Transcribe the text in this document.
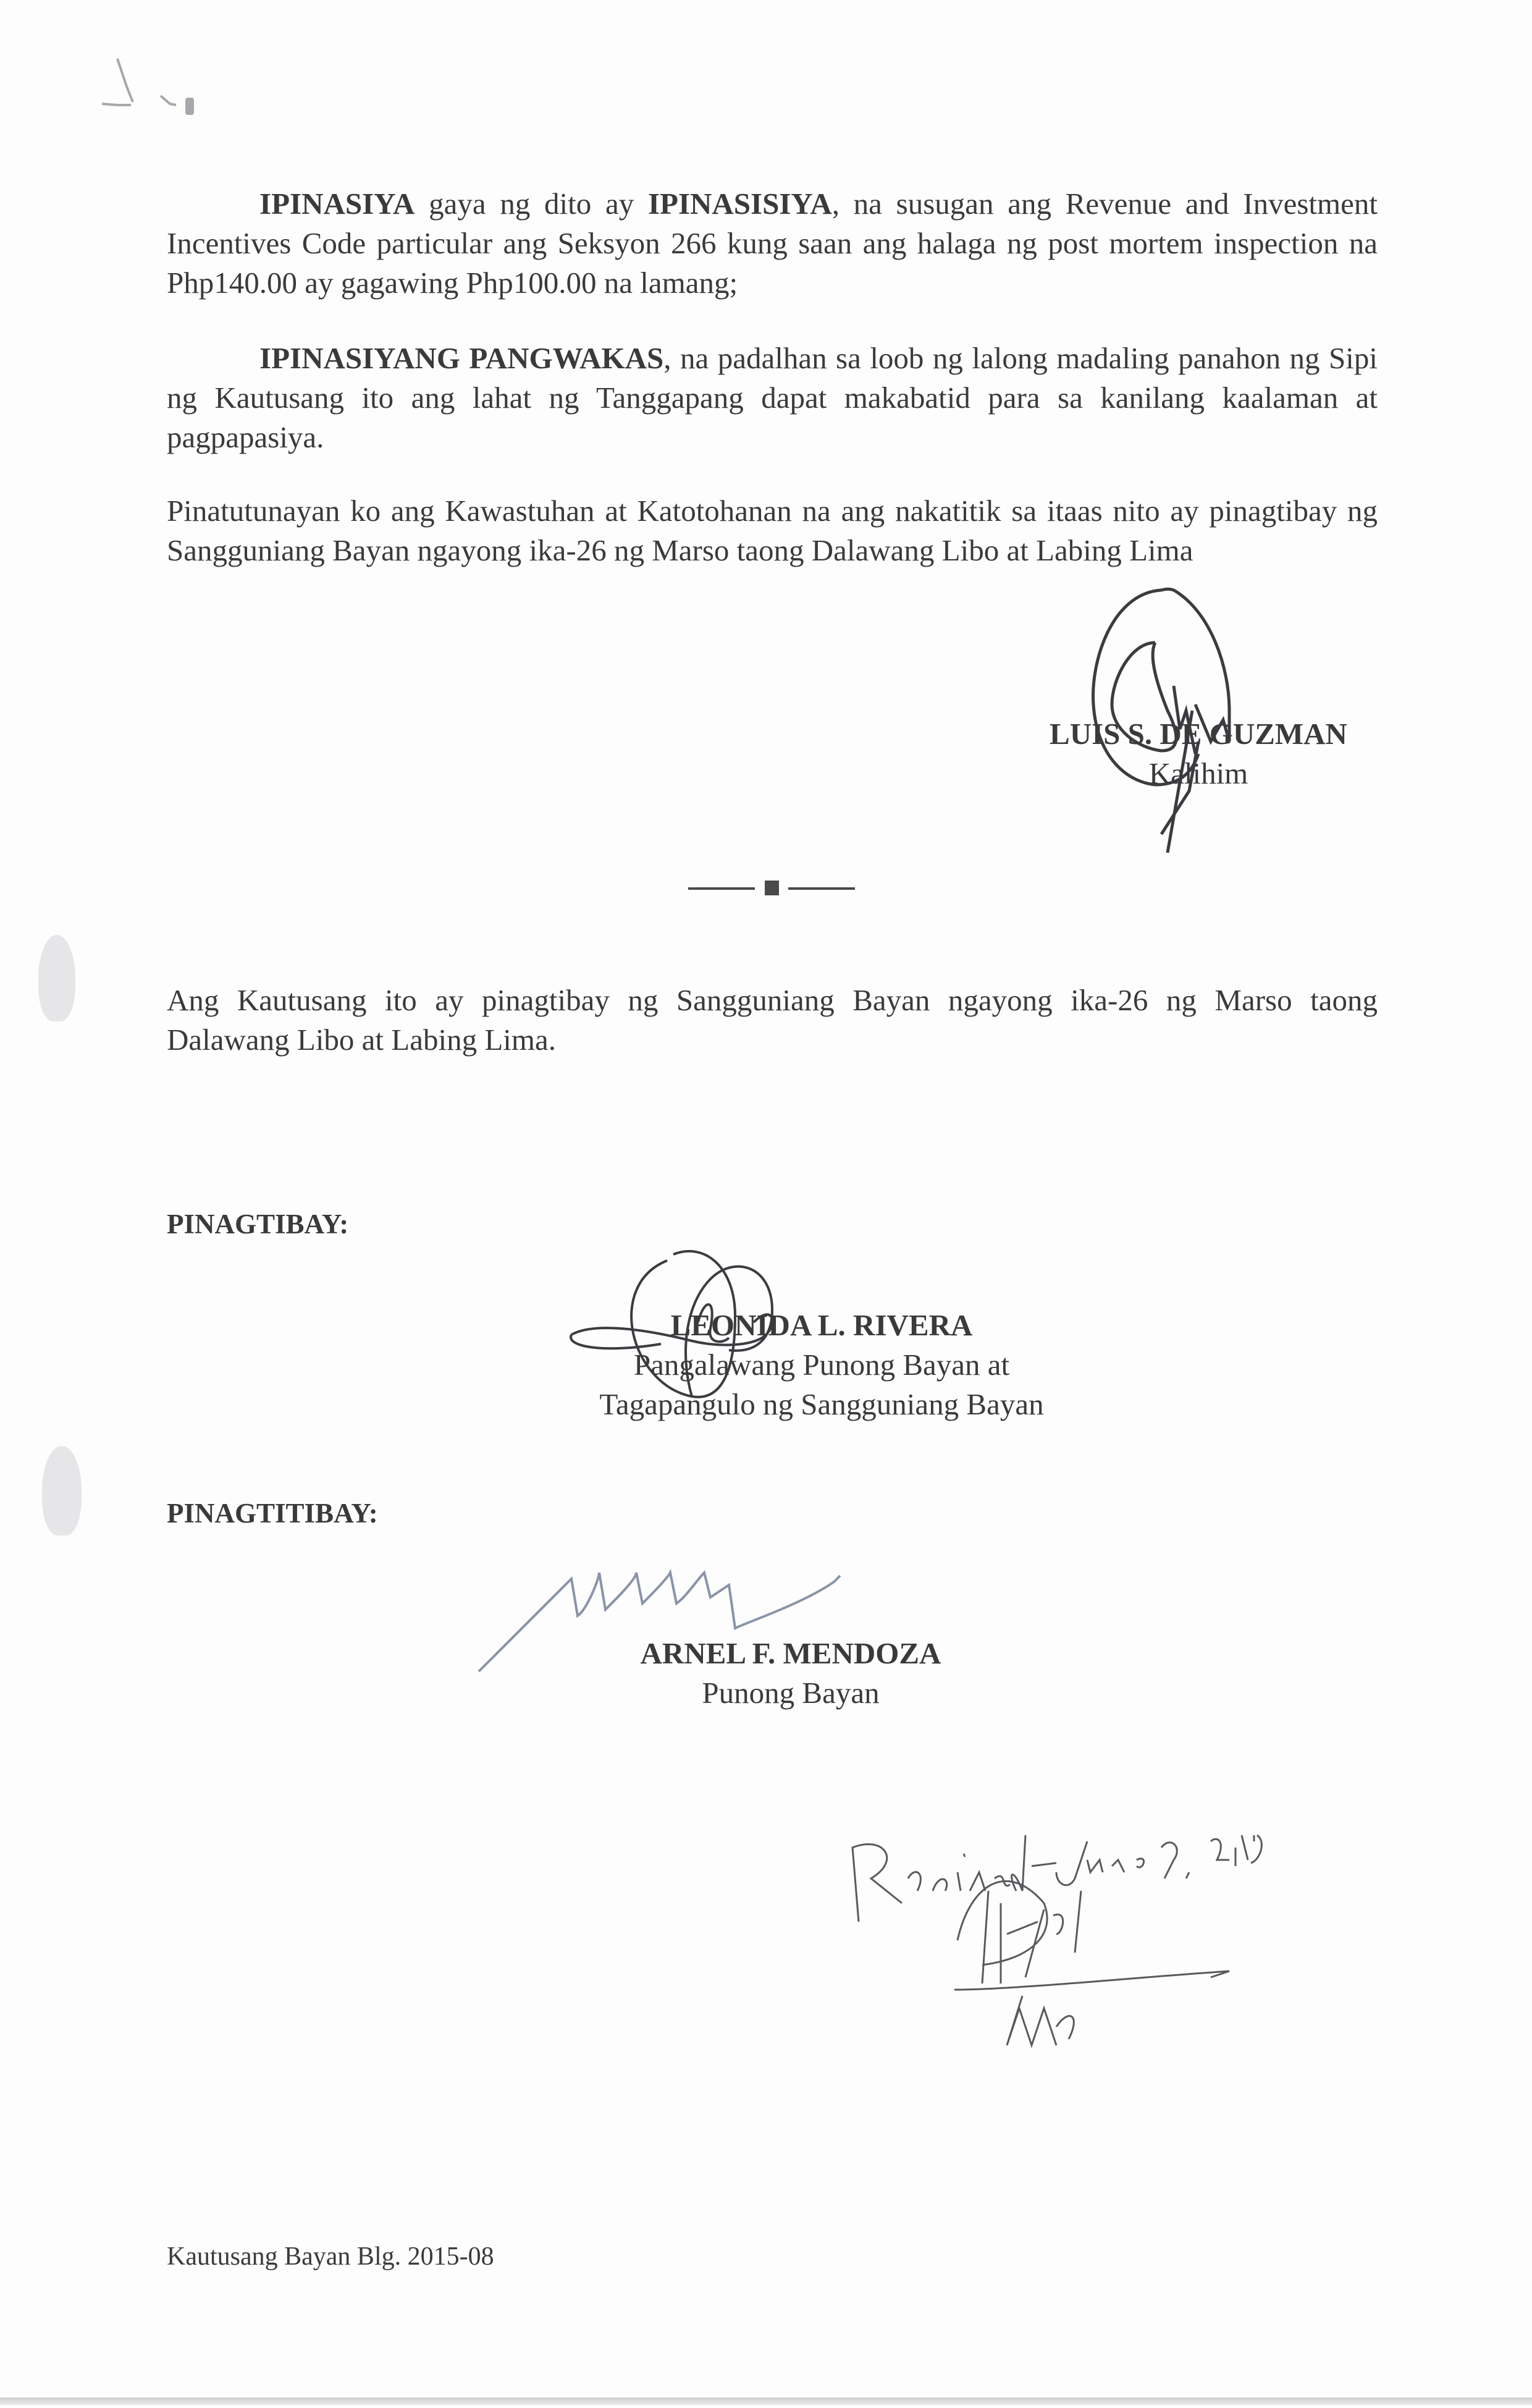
IPINASIYA gaya ng dito ay IPINASISIYA, na susugan ang Revenue and Investment Incentives Code particular ang Seksyon 266 kung saan ang halaga ng post mortem inspection na Php140.00 ay gagawing Php100.00 na lamang;

IPINASIYANG PANGWAKAS, na padalhan sa loob ng lalong madaling panahon ng Sipi ng Kautusang ito ang lahat ng Tanggapang dapat makabatid para sa kanilang kaalaman at pagpapasiya.

Pinatutunayan ko ang Kawastuhan at Katotohanan na ang nakatitik sa itaas nito ay pinagtibay ng Sangguniang Bayan ngayong ika-26 ng Marso taong Dalawang Libo at Labing Lima

LUIS S. DE GUZMAN
Kalihim

Ang Kautusang ito ay pinagtibay ng Sangguniang Bayan ngayong ika-26 ng Marso taong Dalawang Libo at Labing Lima.

PINAGTIBAY:
LEONIDA L. RIVERA
Pangalawang Punong Bayan at
Tagapangulo ng Sangguniang Bayan
PINAGTITIBAY:
ARNEL F. MENDOZA
Punong Bayan
Kautusang Bayan Blg. 2015-08
